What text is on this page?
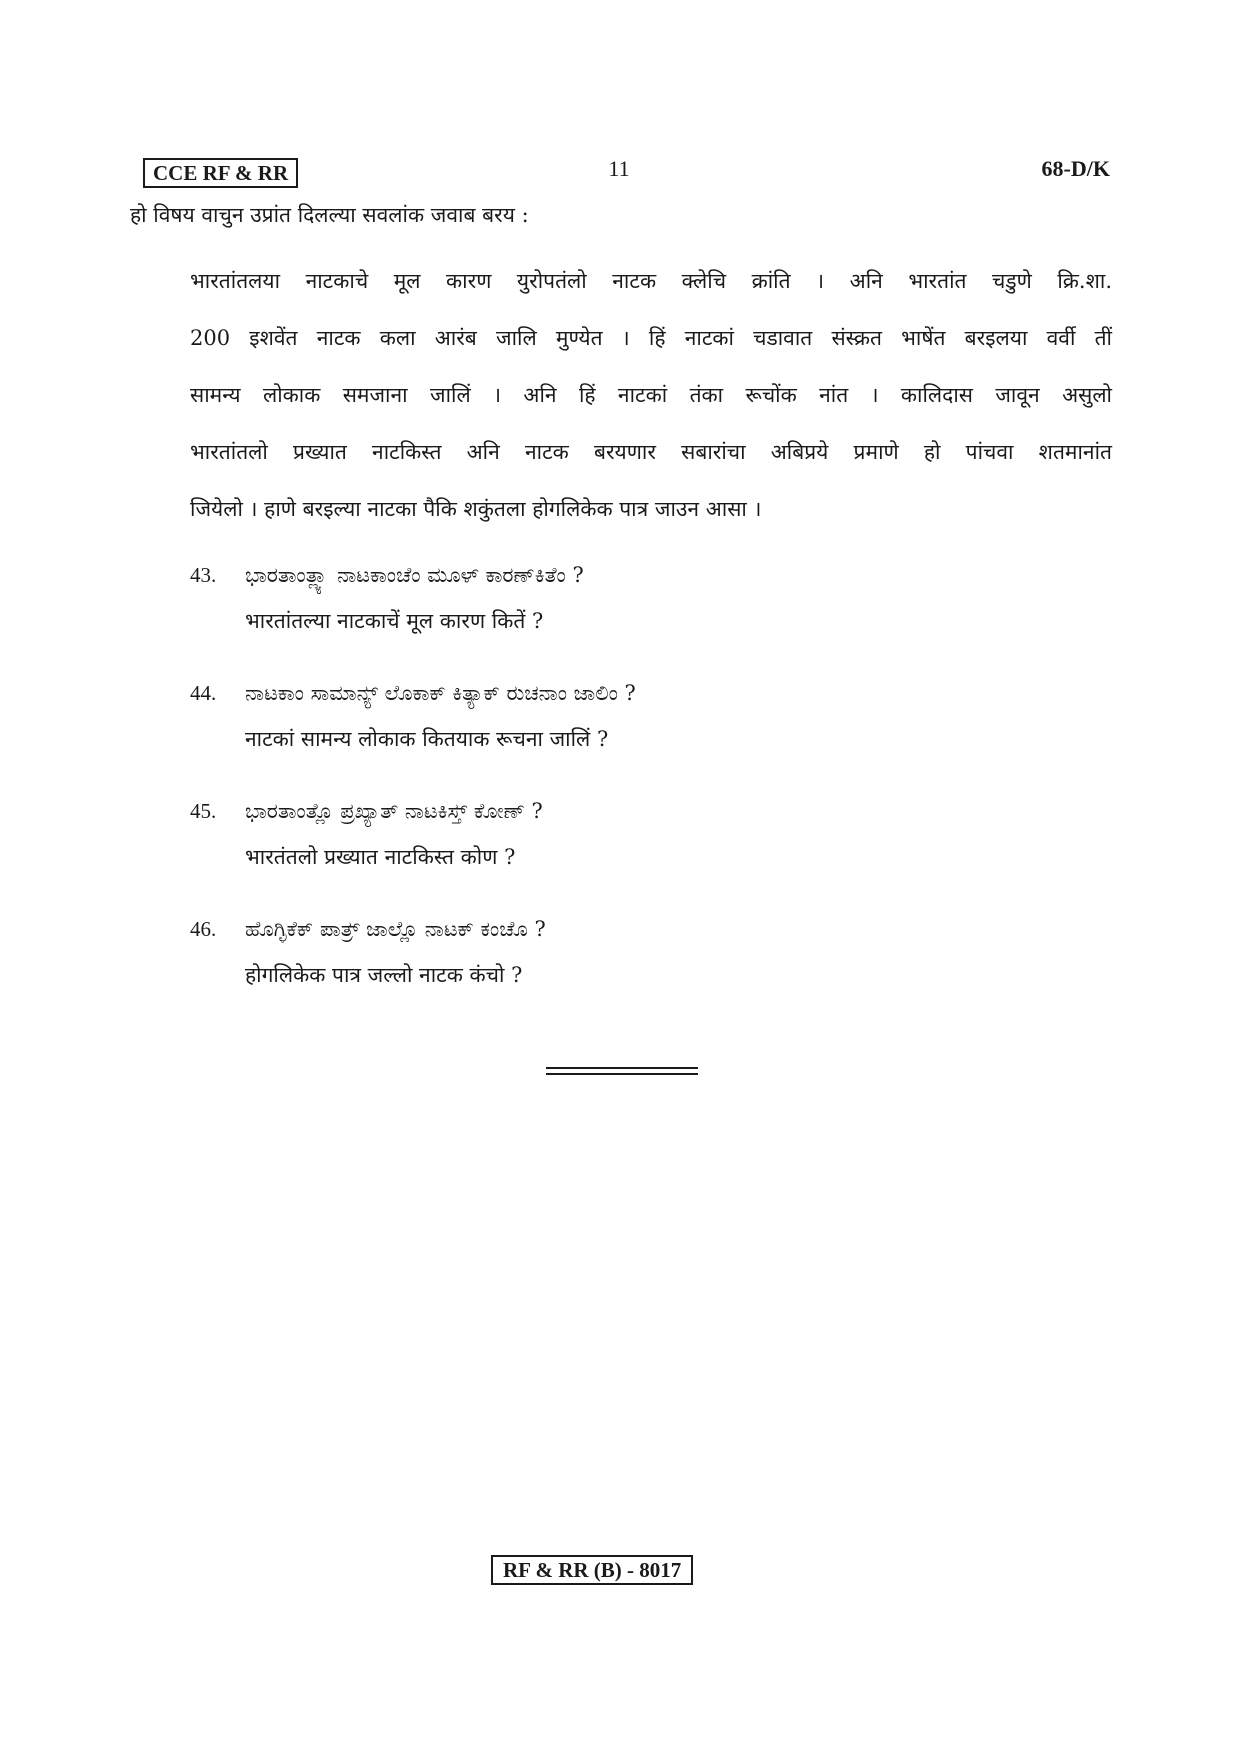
CCE RF & RR	11	68-D/K
हो विषय वाचुन उप्रांत दिलल्या सवलांक जवाब बरय :
भारतांतलया नाटकाचे मूल कारण युरोपतंलो नाटक क्लेचि क्रांति । अनि भारतांत चडुणे क्रि.शा.
200 इशवेंत नाटक कला आरंब जालि मुण्येत । हिं नाटकां चडावात संस्क्रत भाषेंत बरइलया वर्वी तीं
सामन्य लोकाक समजाना जालिं । अनि हिं नाटकां तंका रूचोंक नांत । कालिदास जावून असुलो
भारतांतलो प्रख्यात नाटकिस्त अनि नाटक बरयणार सबारांचा अबिप्रये प्रमाणे हो पांचवा शतमानांत
जियेलो । हाणे बरइल्या नाटका पैकि शकुंतला होगलिकेक पात्र जाउन आसा ।
43. ಭಾರತಾಂತ್ಲ್ಯಾ ನಾಟಕಾಂಚೆಂ ಮೂಳ್ ಕಾರಣ್‌ಕಿತೆಂ ?
भारतांतल्या नाटकाचें मूल कारण कितें ?
44. ನಾಟಕಾಂ ಸಾಮಾನ್ಯ್ ಲೊಕಾಕ್ ಕಿತ್ಯಾಕ್ ರುಚನಾಂ ಜಾಲಿಂ ?
नाटकां सामन्य लोकाक कितयाक रूचना जालिं ?
45. ಭಾರತಾಂತ್ಲೊ ಪ್ರಖ್ಯಾತ್ ನಾಟಕಿಸ್ತ್ ಕೋಣ್ ?
भारतंतलो प्रख्यात नाटकिस्त कोण ?
46. ಹೊಗ್ಳಿಕೆಕ್ ಪಾತ್ರ್ ಜಾಲ್ಲೊ ನಾಟಕ್ ಕಂಚೊ ?
होगलिकेक पात्र जल्लो नाटक कंचो ?
RF & RR (B) - 8017
